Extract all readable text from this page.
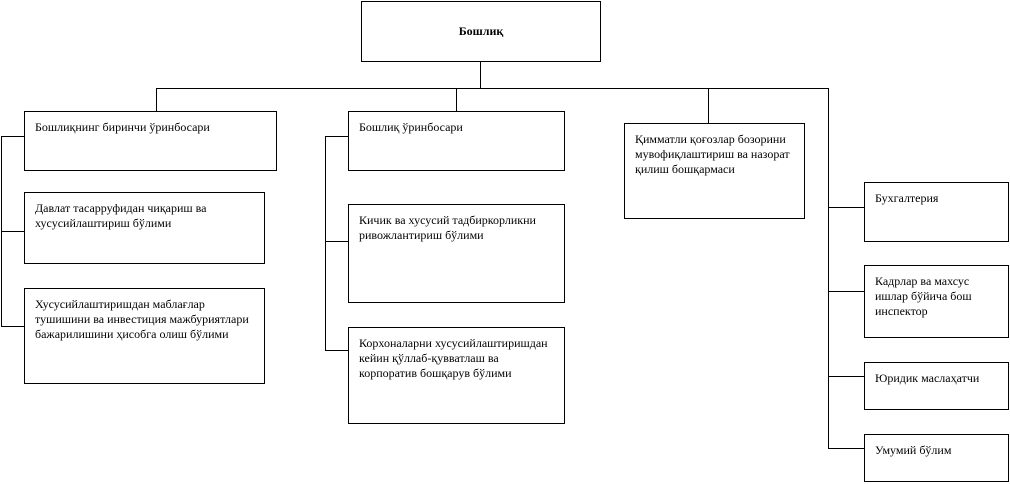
Бошлиқ
Бошлиқнинг биринчи ўринбосари
Давлат тасарруфидан чиқариш ва хусусийлаштириш бўлими
Хусусийлаштиришдан маблағлар тушишини ва инвестиция мажбуриятлари бажарилишини ҳисобга олиш бўлими
Бошлиқ ўринбосари
Кичик ва хусусий тадбиркорликни ривожлантириш бўлими
Корхоналарни хусусийлаштиришдан кейин қўллаб-қувватлаш ва корпоратив бошқарув бўлими
Қимматли қоғозлар бозорини мувофиқлаштириш ва назорат қилиш бошқармаси
Бухгалтерия
Кадрлар ва махсус ишлар бўйича бош инспектор
Юридик маслаҳатчи
Умумий бўлим
